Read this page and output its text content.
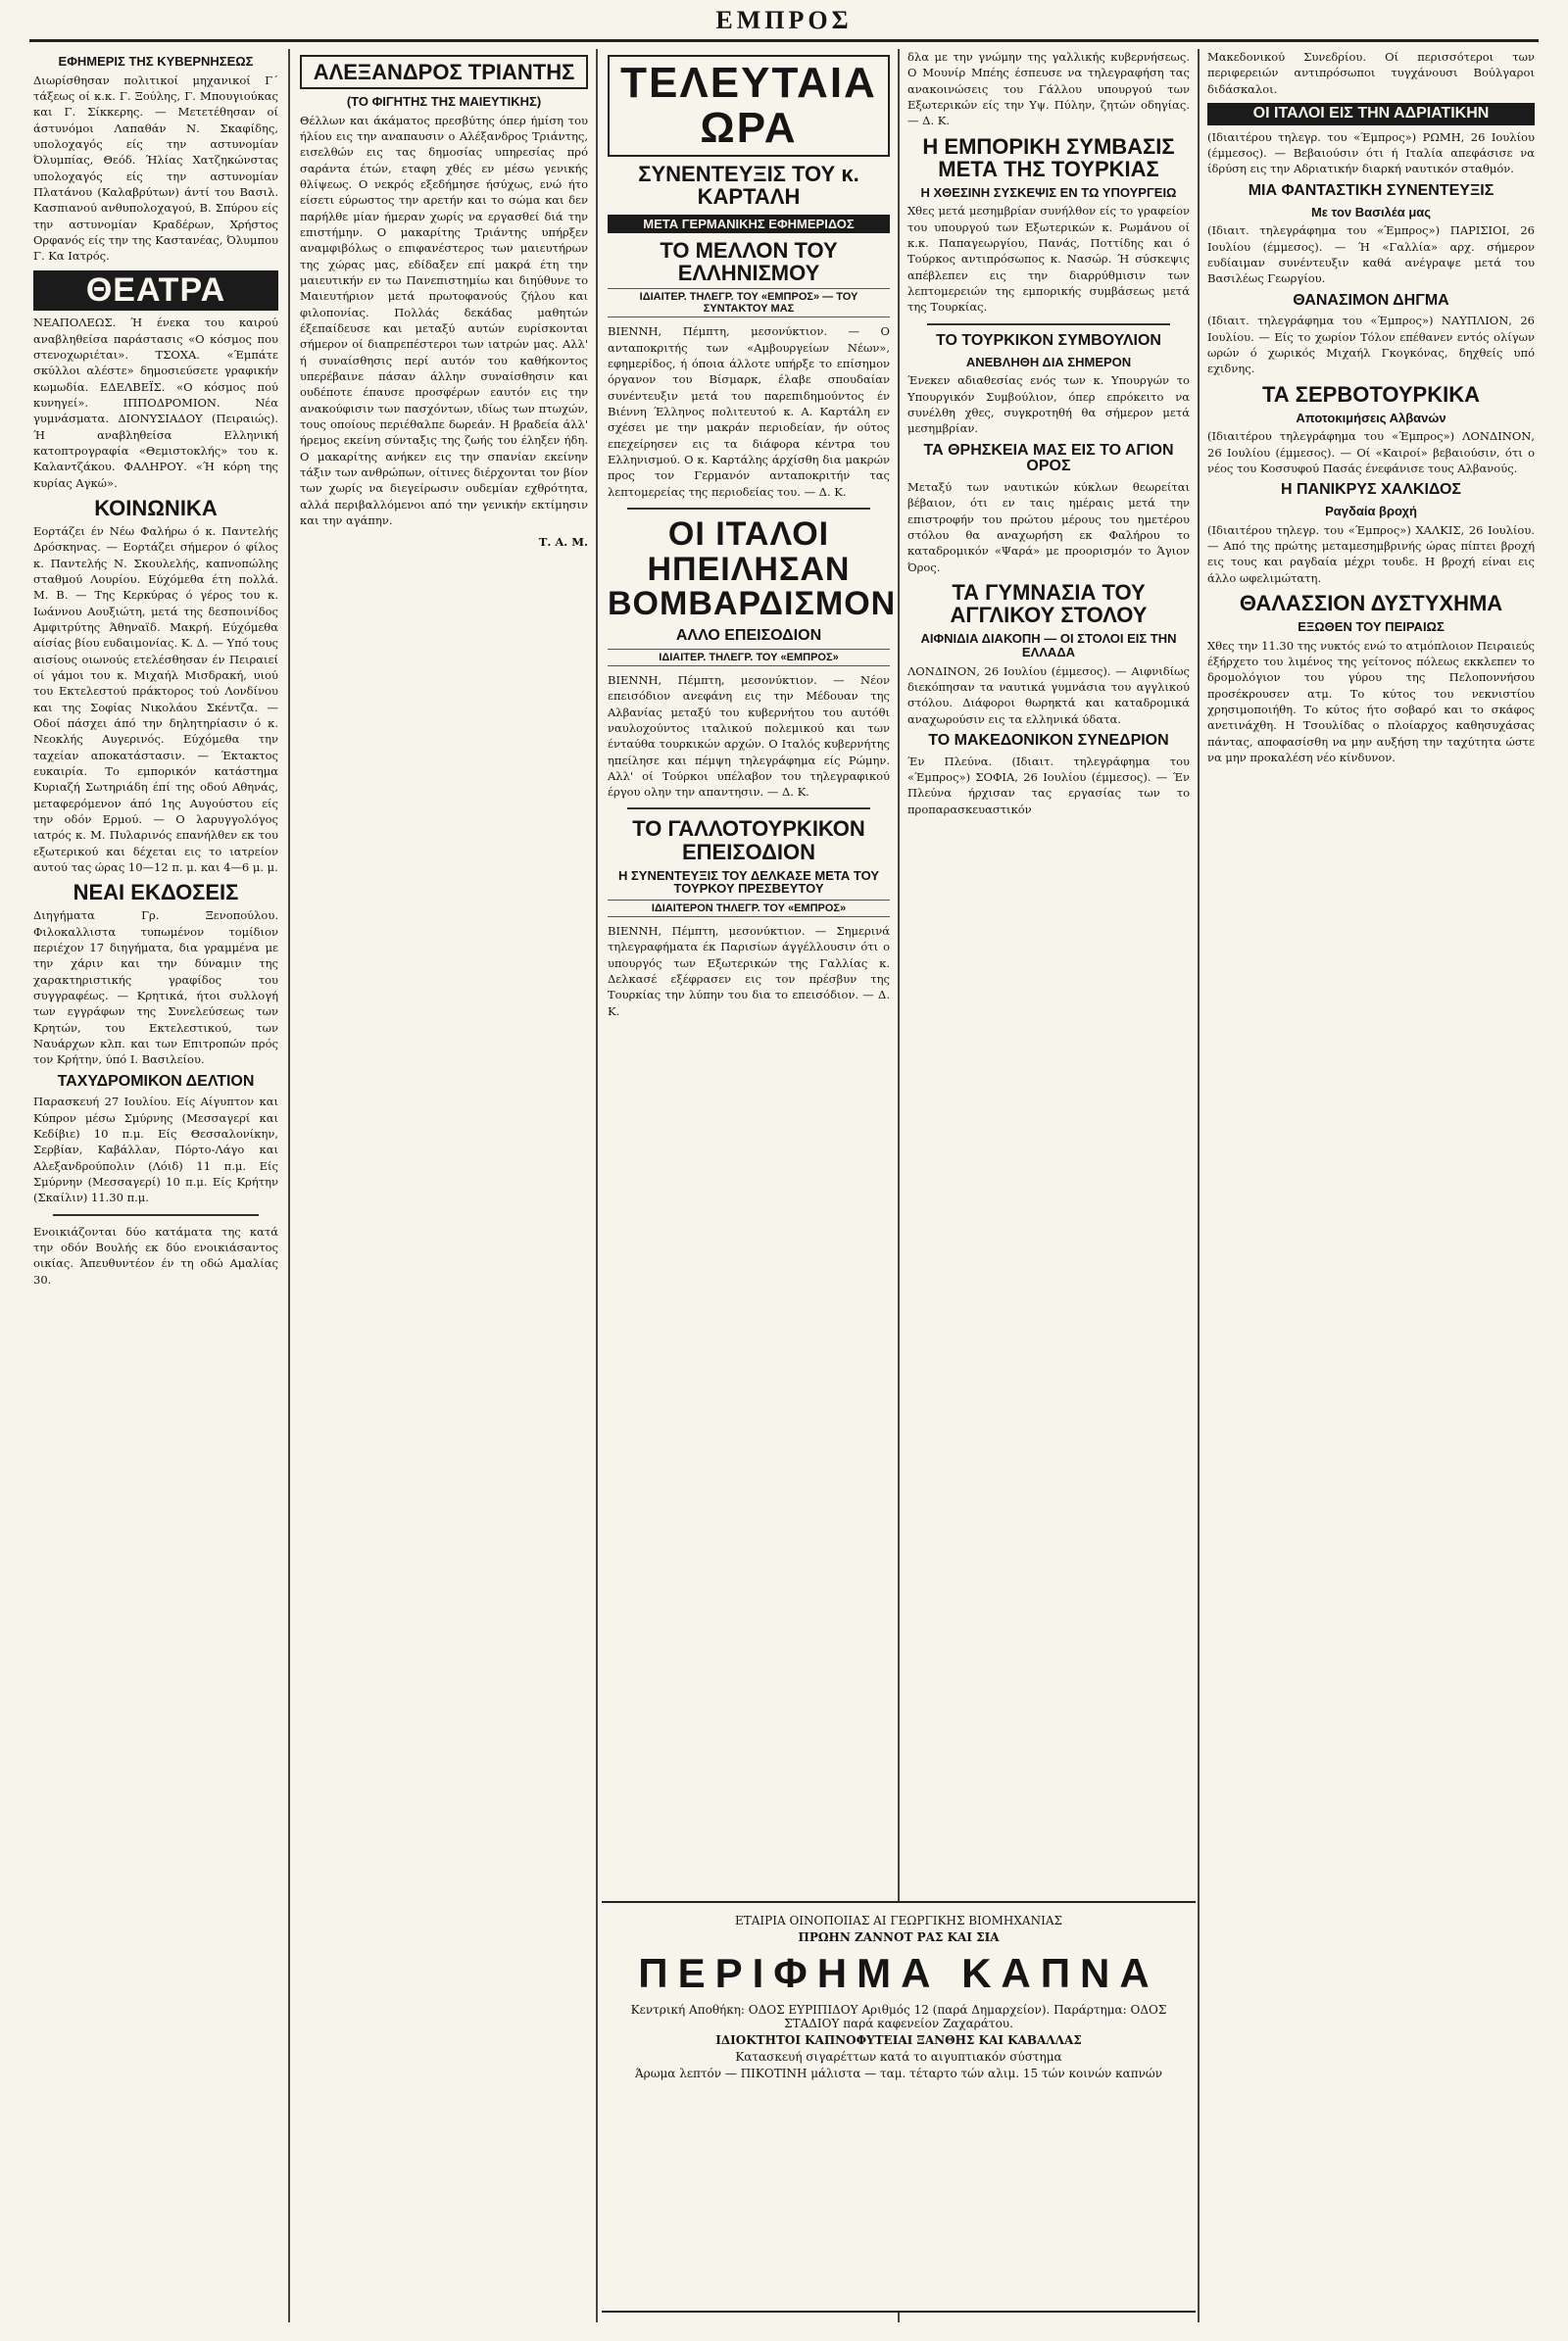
ΕΜΠΡΟΣ
ΕΦΗΜΕΡΙΣ ΤΗΣ ΚΥΒΕΡΝΗΣΕΩΣ

Διωρίσθησαν πολιτικοί μηχανικοί Γ΄ τάξεως οί κ.κ. Γ. Ξούλης, Γ. Μπουγιούκας και Γ. Σίκκερης. — Μετετέθησαν οί άστυνόμοι Λαπαθάν Ν. Σκαφίδης, υπολοχαγός είς την αστυνομίαν Όλυμπίας, Θεόδ. Ήλίας Χατζηκώνστας υπολοχαγός είς την αστυνομίαν Πλατάνου (Καλαβρύτων) άντί του Βασιλ. Κασπιανού ανθυπολοχαγού, Β. Σπύρου είς την αστυνομίαν Κραδέρων, Χρήστος Ορφανός είς την της Καστανέας, Όλυμπου Γ. Κα Ιατρός.

ΘΕΑΤΡΑ

ΝΕΑΠΟΛΕΩΣ. Ή ένεκα του καιρού αναβληθείσα παράστασις «Ο κόσμος που στενοχωριέται». ΤΣΟΧΑ. «Έμπάτε σκύλλοι αλέστε» δημοσιεύσετε γραφικήν κωμωδία. ΕΔΕΛΒΕΪΣ. «Ο κόσμος πού κυνηγεί». ΙΠΠΟΔΡΟΜΙΟΝ. Νέα γυμνάσματα. ΔΙΟΝΥΣΙΑΔΟΥ (Πειραιώς). Ή αναβληθείσα Ελληνική κατοπτρογραφία «Θεμιστοκλής» του κ. Καλαντζάκου. ΦΑΛΗΡΟΥ. «Ή κόρη της κυρίας Αγκώ».

ΚΟΙΝΩΝΙΚΑ

Εορτάζει έν Νέω Φαλήρω ό κ. Παντελής Δρόσκηνας. — Εορτάζει σήμερον ό φίλος κ. Παντελής Ν. Σκουλελής, καπνοπώλης σταθμού Λουρίου. Εύχόμεθα έτη πολλά. Μ. Β. — Της Κερκύρας ό γέρος του κ. Ιωάννου Αουξιώτη, μετά της δεσποινίδος Αμφιτρύτης Άθηναϊδ. Μακρή. Εύχόμεθα αίσίας βίου ευδαιμονίας. Κ. Δ. — Υπό τους αισίους οιωνούς ετελέσθησαν έν Πειραιεί οί γάμοι του κ. Μιχαήλ Μισδρακή, υιού του Εκτελεστού πράκτορος τού Λονδίνου και της Σοφίας Νικολάου Σκέντζα. — Οδοί πάσχει άπό την δηλητηρίασιν ό κ. Νεοκλής Αυγερινός. Εύχόμεθα την ταχείαν αποκατάστασιν. — Έκτακτος ευκαιρία. Το εμπορικόν κατάστημα Κυριαζή Σωτηριάδη έπί της οδού Αθηνάς, μεταφερόμενον άπό 1ης Αυγούστου είς την οδόν Ερμού. — Ο λαρυγγολόγος ιατρός κ. Μ. Πυλαρινός επανήλθεν εκ του εξωτερικού και δέχεται εις το ιατρείον αυτού τας ώρας 10—12 π. μ. και 4—6 μ. μ.

ΝΕΑΙ ΕΚΔΟΣΕΙΣ

Διηγήματα Γρ. Ξενοπούλου. Φιλοκαλλιστα τυπωμένον τομίδιον περιέχον 17 διηγήματα, δια γραμμένα με την χάριν και την δύναμιν της χαρακτηριστικής γραφίδος του συγγραφέως. — Κρητικά, ήτοι συλλογή των εγγράφων της Συνελεύσεως των Κρητών, του Εκτελεστικού, των Ναυάρχων κλπ. και των Επιτροπών πρός τον Κρήτην, ύπό Ι. Βασιλείου.

ΤΑΧΥΔΡΟΜΙΚΟΝ ΔΕΛΤΙΟΝ

Παρασκευή 27 Ιουλίου. Είς Αίγυπτον και Κύπρον μέσω Σμύρνης (Μεσσαγερί και Κεδίβιε) 10 π.μ. Είς Θεσσαλονίκην, Σερβίαν, Καβάλλαν, Πόρτο-Λάγο και Αλεξανδρούπολιν (Λόιδ) 11 π.μ. Είς Σμύρνην (Μεσσαγερί) 10 π.μ. Είς Κρήτην (Σκαίλιν) 11.30 π.μ.

Ενοικιάζονται δύο κατάματα της κατά την οδόν Βουλής εκ δύο ενοικιάσαντος οικίας. Άπευθυντέον έν τη οδώ Αμαλίας 30.

ΑΛΕΞΑΝΔΡΟΣ ΤΡΙΑΝΤΗΣ
(ΤΟ ΦΙΓΗΤΗΣ ΤΗΣ ΜΑΙΕΥΤΙΚΗΣ)

Θέλλων και άκάματος πρεσβύτης όπερ ήμίση του ήλίου εις την αναπαυσιν ο Αλέξανδρος Τριάντης, εισελθών εις τας δημοσίας υπηρεσίας πρό σαράντα έτών, εταφη χθές εν μέσω γενικής θλίψεως. Ο νεκρός εξεδήμησε ήσύχως, ενώ ήτο είσετι εύρωστος την αρετήν και το σώμα και δεν παρήλθε μίαν ήμεραν χωρίς να εργασθεί διά την επιστήμην. Ο μακαρίτης Τριάντης υπήρξεν αναμφιβόλως ο επιφανέστερος των μαιευτήρων της χώρας μας, εδίδαξεν επί μακρά έτη την μαιευτικήν εν τω Πανεπιστημίω και διηύθυνε το Μαιευτήριον μετά πρωτοφανούς ζήλου και φιλοπονίας. Πολλάς δεκάδας μαθητών έξεπαίδευσε και μεταξύ αυτών ευρίσκονται σήμερον οί διαπρεπέστεροι των ιατρών μας. Αλλ' ή συναίσθησις περί αυτόν του καθήκοντος υπερέβαινε πάσαν άλλην συναίσθησιν και ουδέποτε έπαυσε προσφέρων εαυτόν εις την ανακούφισιν των πασχόντων, ιδίως των πτωχών, τους οποίους περιέθαλπε δωρεάν. Η βραδεία άλλ' ήρεμος εκείνη σύνταξις της ζωής του έληξεν ήδη. Ο μακαρίτης ανήκεν εις την σπανίαν εκείνην τάξιν των ανθρώπων, οίτινες διέρχονται τον βίον των χωρίς να διεγείρωσιν ουδεμίαν εχθρότητα, αλλά περιβαλλόμενοι από την γενικήν εκτίμησιν και την αγάπην.

Τ. Α. Μ.

ΤΕΛΕΥΤΑΙΑ ΩΡΑ
ΣΥΝΕΝΤΕΥΞΙΣ ΤΟΥ κ. ΚΑΡΤΑΛΗ
ΜΕΤΑ ΓΕΡΜΑΝΙΚΗΣ ΕΦΗΜΕΡΙΔΟΣ
ΤΟ ΜΕΛΛΟΝ ΤΟΥ ΕΛΛΗΝΙΣΜΟΥ
ΙΔΙΑΙΤΕΡ. ΤΗΛΕΓΡ. ΤΟΥ «ΕΜΠΡΟΣ» — ΤΟΥ ΣΥΝΤΑΚΤΟΥ ΜΑΣ

ΒΙΕΝΝΗ, Πέμπτη, μεσονύκτιον. — Ο ανταποκριτής των «Αμβουργείων Νέων», εφημερίδος, ή όποια άλλοτε υπήρξε το επίσημον όργανον του Βίσμαρκ, έλαβε σπουδαίαν συνέντευξιν μετά του παρεπιδημούντος έν Βιέννη Έλληνος πολιτευτού κ. Α. Καρτάλη εν σχέσει με την μακράν περιοδείαν, ήν ούτος επεχείρησεν εις τα διάφορα κέντρα του Ελληνισμού. Ο κ. Καρτάλης άρχίσθη δια μακρών προς τον Γερμανόν ανταποκριτήν τας λεπτομερείας της περιοδείας του. — Δ. Κ.

ΟΙ ΙΤΑΛΟΙ ΗΠΕΙΛΗΣΑΝ ΒΟΜΒΑΡΔΙΣΜΟΝ
ΑΛΛΟ ΕΠΕΙΣΟΔΙΟΝ
ΙΔΙΑΙΤΕΡ. ΤΗΛΕΓΡ. ΤΟΥ «ΕΜΠΡΟΣ»

ΒΙΕΝΝΗ, Πέμπτη, μεσονύκτιον. — Νέον επεισόδιον ανεφάνη εις την Μέδουαν της Αλβανίας μεταξύ του κυβερνήτου του αυτόθι ναυλοχούντος ιταλικού πολεμικού και των ένταύθα τουρκικών αρχών. Ο Ιταλός κυβερνήτης ηπείλησε και πέμψη τηλεγράφημα είς Ρώμην. Αλλ' οί Τούρκοι υπέλαβον του τηλεγραφικού έργου ολην την απαντησιν. — Δ. Κ.

ΤΟ ΓΑΛΛΟΤΟΥΡΚΙΚΟΝ ΕΠΕΙΣΟΔΙΟΝ
Η ΣΥΝΕΝΤΕΥΞΙΣ ΤΟΥ ΔΕΛΚΑΣΕ ΜΕΤΑ ΤΟΥ ΤΟΥΡΚΟΥ ΠΡΕΣΒΕΥΤΟΥ
ΙΔΙΑΙΤΕΡΟΝ ΤΗΛΕΓΡ. ΤΟΥ «ΕΜΠΡΟΣ»

ΒΙΕΝΝΗ, Πέμπτη, μεσονύκτιον. — Σημερινά τηλεγραφήματα έκ Παρισίων άγγέλλουσιν ότι ο υπουργός των Εξωτερικών της Γαλλίας κ. Δελκασέ εξέφρασεν εις τον πρέσβυν της Τουρκίας την λύπην του δια το επεισόδιον. — Δ. Κ.

δλα με την γνώμην της γαλλικής κυβερνήσεως. Ο Μουνίρ Μπέης έσπευσε να τηλεγραφήση τας ανακοινώσεις του Γάλλου υπουργού των Εξωτερικών είς την Υψ. Πύλην, ζητών οδηγίας. — Δ. Κ.

Η ΕΜΠΟΡΙΚΗ ΣΥΜΒΑΣΙΣ ΜΕΤΑ ΤΗΣ ΤΟΥΡΚΙΑΣ
Η ΧΘΕΣΙΝΗ ΣΥΣΚΕΨΙΣ ΕΝ ΤΩ ΥΠΟΥΡΓΕΙΩ

Χθες μετά μεσημβρίαν συνήλθον είς το γραφείον του υπουργού των Εξωτερικών κ. Ρωμάνου οί κ.κ. Παπαγεωργίου, Πανάς, Ποττίδης και ό Τούρκος αντιπρόσωπος κ. Νασώρ. Ή σύσκεψις απέβλεπεν εις την διαρρύθμισιν των λεπτομερειών της εμπορικής συμβάσεως μετά της Τουρκίας.

ΤΟ ΤΟΥΡΚΙΚΟΝ ΣΥΜΒΟΥΛΙΟΝ
ΑΝΕΒΛΗΘΗ ΔΙΑ ΣΗΜΕΡΟΝ

Ένεκεν αδιαθεσίας ενός των κ. Υπουργών το Υπουργικόν Συμβούλιον, όπερ επρόκειτο να συνέλθη χθες, συγκροτηθή θα σήμερον μετά μεσημβρίαν.

ΤΑ ΘΡΗΣΚΕΙΑ ΜΑΣ ΕΙΣ ΤΟ ΑΓΙΟΝ ΟΡΟΣ

Μεταξύ των ναυτικών κύκλων θεωρείται βέβαιον, ότι εν ταις ημέραις μετά την επιστροφήν του πρώτου μέρους του ημετέρου στόλου θα αναχωρήση εκ Φαλήρου το καταδρομικόν «Ψαρά» με προορισμόν το Άγιον Όρος.

ΤΑ ΓΥΜΝΑΣΙΑ ΤΟΥ ΑΓΓΛΙΚΟΥ ΣΤΟΛΟΥ
ΑΙΦΝΙΔΙΑ ΔΙΑΚΟΠΗ — ΟΙ ΣΤΟΛΟΙ ΕΙΣ ΤΗΝ ΕΛΛΑΔΑ

ΛΟΝΔΙΝΟΝ, 26 Ιουλίου (έμμεσος). — Αιφνιδίως διεκόπησαν τα ναυτικά γυμνάσια του αγγλικού στόλου. Διάφοροι θωρηκτά και καταδρομικά αναχωρούσιν εις τα ελληνικά ύδατα.

ΤΟ ΜΑΚΕΔΟΝΙΚΟΝ ΣΥΝΕΔΡΙΟΝ

Έν Πλεύνα. (Ιδιαιτ. τηλεγράφημα του «Έμπρος») ΣΟΦΙΑ, 26 Ιουλίου (έμμεσος). — Έν Πλεύνα ήρχισαν τας εργασίας των το προπαρασκευαστικόν

Μακεδονικού Συνεδρίου. Οί περισσότεροι των περιφερειών αντιπρόσωποι τυγχάνουσι Βούλγαροι διδάσκαλοι.

ΟΙ ΙΤΑΛΟΙ ΕΙΣ ΤΗΝ ΑΔΡΙΑΤΙΚΗΝ

(Ιδιαιτέρου τηλεγρ. του «Έμπρος») ΡΩΜΗ, 26 Ιουλίου (έμμεσος). — Βεβαιούσιν ότι ή Ιταλία απεφάσισε να ίδρύση εις την Αδριατικήν διαρκή ναυτικόν σταθμόν.

ΜΙΑ ΦΑΝΤΑΣΤΙΚΗ ΣΥΝΕΝΤΕΥΞΙΣ
Με τον Βασιλέα μας

(Ιδιαιτ. τηλεγράφημα του «Έμπρος») ΠΑΡΙΣΙΟΙ, 26 Ιουλίου (έμμεσος). — Ή «Γαλλία» αρχ. σήμερον ευδίαιμαν συνέντευξιν καθά ανέγραψε μετά του Βασιλέως Γεωργίου.

ΘΑΝΑΣΙΜΟΝ ΔΗΓΜΑ

(Ιδιαιτ. τηλεγράφημα του «Έμπρος») ΝΑΥΠΛΙΟΝ, 26 Ιουλίου. — Είς το χωρίον Τόλον επέθανεν εντός ολίγων ωρών ό χωρικός Μιχαήλ Γκογκόνας, δηχθείς υπό εχιδνης.

ΤΑ ΣΕΡΒΟΤΟΥΡΚΙΚΑ
Αποτοκιμήσεις Αλβανών

(Ιδιαιτέρου τηλεγράφημα του «Έμπρος») ΛΟΝΔΙΝΟΝ, 26 Ιουλίου (έμμεσος). — Οί «Καιροί» βεβαιούσιν, ότι ο νέος του Κοσσυφού Πασάς ένεφάνισε τους Αλβανούς.

Η ΠΑΝΙΚΡΥΣ ΧΑΛΚΙΔΟΣ
Ραγδαία βροχή

(Ιδιαιτέρου τηλεγρ. του «Έμπρος») ΧΑΛΚΙΣ, 26 Ιουλίου. — Από της πρώτης μεταμεσημβρινής ώρας πίπτει βροχή εις τους και ραγδαία μέχρι τουδε. Η βροχή είναι εις άλλο ωφελιμώτατη.

ΘΑΛΑΣΣΙΟΝ ΔΥΣΤΥΧΗΜΑ
ΕΞΩΘΕΝ ΤΟΥ ΠΕΙΡΑΙΩΣ

Χθες την 11.30 της νυκτός ενώ το ατμόπλοιον Πειραιεύς έξήρχετο του λιμένος της γείτονος πόλεως εκκλεπεν το δρομολόγιον του γύρου της Πελοποννήσου προσέκρουσεν ατμ. Το κύτος του νεκνιστίου χρησιμοποιήθη. Το κύτος ήτο σοβαρό και το σκάφος ανετινάχθη. Η Τσουλίδας ο πλοίαρχος καθησυχάσας πάντας, αποφασίσθη να μην αυξήση την ταχύτητα ώστε να μην προκαλέση νέο κίνδυνον.

ΕΤΑΙΡΙΑ ΟΙΝΟΠΟΙΙΑΣ ΑΙ ΓΕΩΡΓΙΚΗΣ ΒΙΟΜΗΧΑΝΙΑΣ
ΠΡΩΗΝ ΖΑΝΝΟΤ ΡΑΣ ΚΑΙ ΣΙΑ
ΠΕΡΙΦΗΜΑ ΚΑΠΝΑ
Κεντρική Αποθήκη: ΟΔΟΣ ΕΥΡΙΠΙΔΟΥ Αριθμός 12 (παρά Δημαρχείον). Παράρτημα: ΟΔΟΣ ΣΤΑΔΙΟΥ παρά καφενείον Ζαχαράτου.
ΙΔΙΟΚΤΗΤΟΙ ΚΑΠΝΟΦΥΤΕΙΑΙ ΞΑΝΘΗΣ ΚΑΙ ΚΑΒΑΛΛΑΣ
Κατασκευή σιγαρέττων κατά το αιγυπτιακόν σύστημα
Άρωμα λεπτόν — ΠΙΚΟΤΙΝΗ μάλιστα — ταμ. τέταρτο τών αλιμ. 15 τών κοινών καπνών
